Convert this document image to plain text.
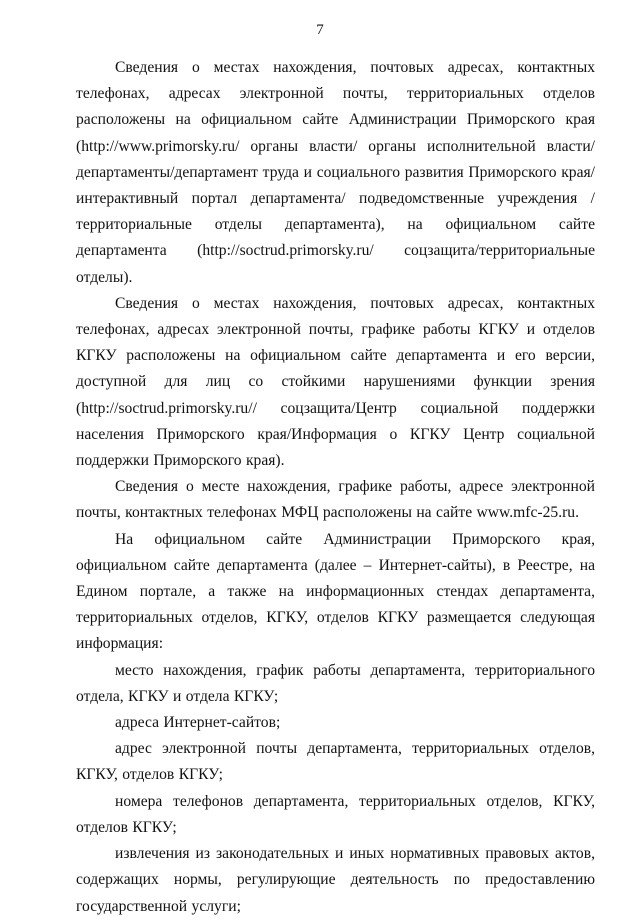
7

Сведения о местах нахождения, почтовых адресах, контактных телефонах, адресах электронной почты, территориальных отделов расположены на официальном сайте Администрации Приморского края (http://www.primorsky.ru/ органы власти/ органы исполнительной власти/департаменты/департамент труда и социального развития Приморского края/ интерактивный портал департамента/ подведомственные учреждения /территориальные отделы департамента), на официальном сайте департамента (http://soctrud.primorsky.ru/ соцзащита/территориальные отделы).

Сведения о местах нахождения, почтовых адресах, контактных телефонах, адресах электронной почты, графике работы КГКУ и отделов КГКУ расположены на официальном сайте департамента и его версии, доступной для лиц со стойкими нарушениями функции зрения (http://soctrud.primorsky.ru// соцзащита/Центр социальной поддержки населения Приморского края/Информация о КГКУ Центр социальной поддержки Приморского края).

Сведения о месте нахождения, графике работы, адресе электронной почты, контактных телефонах МФЦ расположены на сайте www.mfc-25.ru.

На официальном сайте Администрации Приморского края, официальном сайте департамента (далее – Интернет-сайты), в Реестре, на Едином портале, а также на информационных стендах департамента, территориальных отделов, КГКУ, отделов КГКУ размещается следующая информация:

место нахождения, график работы департамента, территориального отдела, КГКУ и отдела КГКУ;

адреса Интернет-сайтов;

адрес электронной почты департамента, территориальных отделов, КГКУ, отделов КГКУ;

номера телефонов департамента, территориальных отделов, КГКУ, отделов КГКУ;

извлечения из законодательных и иных нормативных правовых актов, содержащих нормы, регулирующие деятельность по предоставлению государственной услуги;
